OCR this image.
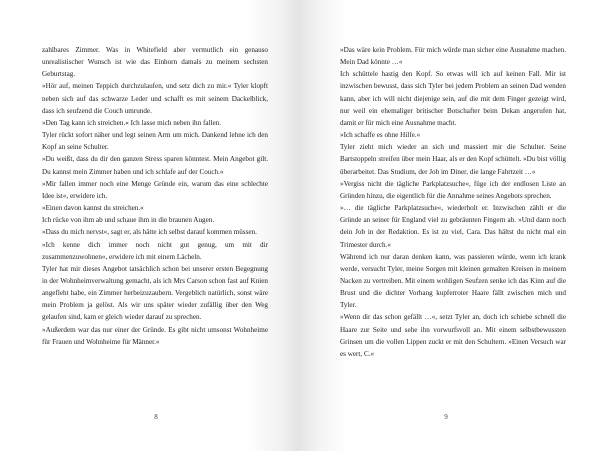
zahlbares Zimmer. Was in Whitefield aber vermutlich ein genauso unrealistischer Wunsch ist wie das Einhorn damals zu meinem sechsten Geburtstag.

»Hör auf, meinen Teppich durchzulaufen, und setz dich zu mir.« Tyler klopft neben sich auf das schwarze Leder und schafft es mit seinem Dackelblick, dass ich seufzend die Couch umrunde.

»Den Tag kann ich streichen.« Ich lasse mich neben ihn fallen.

Tyler rückt sofort näher und legt seinen Arm um mich. Dankend lehne ich den Kopf an seine Schulter.

»Du weißt, dass du dir den ganzen Stress sparen könntest. Mein Angebot gilt. Du kannst mein Zimmer haben und ich schlafe auf der Couch.«

»Mir fallen immer noch eine Menge Gründe ein, warum das eine schlechte Idee ist«, erwidere ich.

»Einen davon kannst du streichen.«

Ich rücke von ihm ab und schaue ihm in die braunen Augen.

»Dass du mich nervst«, sagt er, als hätte ich selbst darauf kommen müssen.

»Ich kenne dich immer noch nicht gut genug, um mit dir zusammenzuwohnen«, erwidere ich mit einem Lächeln.

Tyler hat mir dieses Angebot tatsächlich schon bei unserer ersten Begegnung in der Wohnheimverwaltung gemacht, als ich Mrs Carson schon fast auf Knien angefleht habe, ein Zimmer herbeizuzaubern. Vergeblich natürlich, sonst wäre mein Problem ja gelöst. Als wir uns später wieder zufällig über den Weg gelaufen sind, kam er gleich wieder darauf zu sprechen.

»Außerdem war das nur einer der Gründe. Es gibt nicht umsonst Wohnheime für Frauen und Wohnheime für Männer.«

8

»Das wäre kein Problem. Für mich würde man sicher eine Ausnahme machen. Mein Dad könnte …«

Ich schüttele hastig den Kopf. So etwas will ich auf keinen Fall. Mir ist inzwischen bewusst, dass sich Tyler bei jedem Problem an seinen Dad wenden kann, aber ich will nicht diejenige sein, auf die mit dem Finger gezeigt wird, nur weil ein ehemaliger britischer Botschafter beim Dekan angerufen hat, damit er für mich eine Ausnahme macht.

»Ich schaffe es ohne Hilfe.«

Tyler zieht mich wieder an sich und massiert mir die Schulter. Seine Bartstoppeln streifen über mein Haar, als er den Kopf schüttelt. »Du bist völlig überarbeitet. Das Studium, der Job im Diner, die lange Fahrtzeit …«

»Vergiss nicht die tägliche Parkplatzsuche«, füge ich der endlosen Liste an Gründen hinzu, die eigentlich für die Annahme seines Angebots sprechen.

»… die tägliche Parkplatzsuche«, wiederholt er. Inzwischen zählt er die Gründe an seiner für England viel zu gebräunten Fingern ab. »Und dann noch dein Job in der Redaktion. Es ist zu viel, Cara. Das hältst du nicht mal ein Trimester durch.«

Während ich nur daran denken kann, was passieren würde, wenn ich krank werde, versucht Tyler, meine Sorgen mit kleinen gemalten Kreisen in meinem Nacken zu vertreiben. Mit einem wohligen Seufzen senke ich das Kinn auf die Brust und die dichter Vorhang kupferroter Haare fällt zwischen mich und Tyler.

»Wenn dir das schon gefällt …«, setzt Tyler an, doch ich schiebe schnell die Haare zur Seite und sehe ihn vorwurfsvoll an. Mit einem selbstbewussten Grinsen um die vollen Lippen zuckt er mit den Schultern. »Einen Versuch war es wert, C.«

9
